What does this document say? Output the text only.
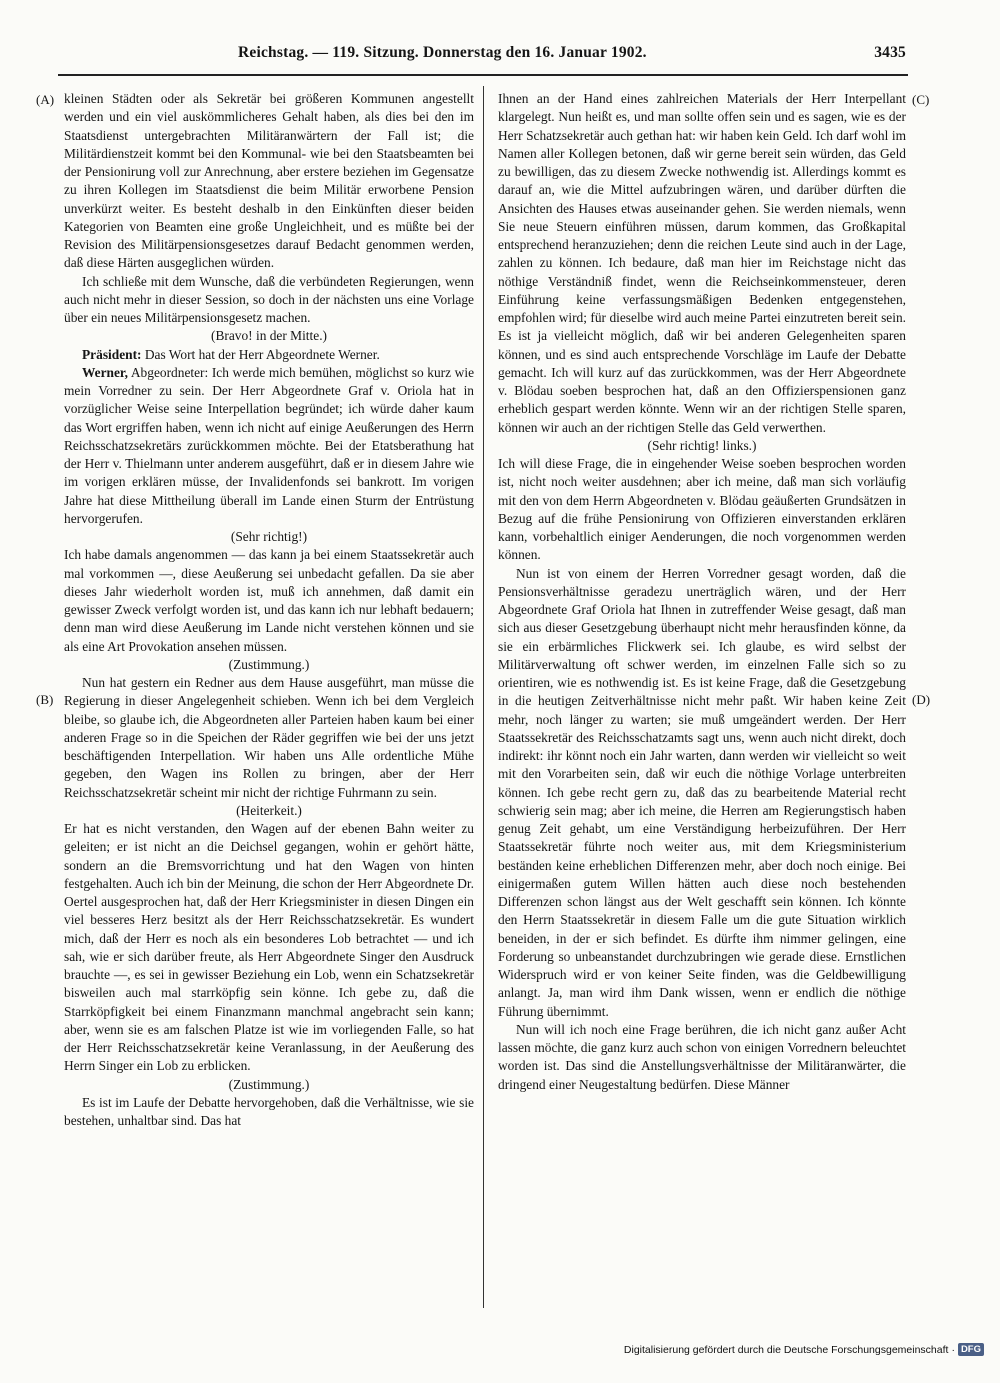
Reichstag. — 119. Sitzung. Donnerstag den 16. Januar 1902.	3435
(A)
(B)
(C)
(D)

kleinen Städten oder als Sekretär bei größeren Kommunen angestellt werden und ein viel auskömmlicheres Gehalt haben, als dies bei den im Staatsdienst untergebrachten Militäranwärtern der Fall ist; die Militärdienstzeit kommt bei den Kommunal- wie bei den Staatsbeamten bei der Pensionirung voll zur Anrechnung, aber erstere beziehen im Gegensatze zu ihren Kollegen im Staatsdienst die beim Militär erworbene Pension unverkürzt weiter. Es besteht deshalb in den Einkünften dieser beiden Kategorien von Beamten eine große Ungleichheit, und es müßte bei der Revision des Militärpensionsgesetzes darauf Bedacht genommen werden, daß diese Härten ausgeglichen würden.

Ich schließe mit dem Wunsche, daß die verbündeten Regierungen, wenn auch nicht mehr in dieser Session, so doch in der nächsten uns eine Vorlage über ein neues Militärpensionsgesetz machen.

(Bravo! in der Mitte.)

Präsident: Das Wort hat der Herr Abgeordnete Werner.

Werner, Abgeordneter: Ich werde mich bemühen, möglichst so kurz wie mein Vorredner zu sein. Der Herr Abgeordnete Graf v. Oriola hat in vorzüglicher Weise seine Interpellation begründet; ich würde daher kaum das Wort ergriffen haben, wenn ich nicht auf einige Aeußerungen des Herrn Reichsschatzsekretärs zurückkommen möchte. Bei der Etatsberathung hat der Herr v. Thielmann unter anderem ausgeführt, daß er in diesem Jahre wie im vorigen erklären müsse, der Invalidenfonds sei bankrott. Im vorigen Jahre hat diese Mittheilung überall im Lande einen Sturm der Entrüstung hervorgerufen.

(Sehr richtig!)

Ich habe damals angenommen — das kann ja bei einem Staatssekretär auch mal vorkommen —, diese Aeußerung sei unbedacht gefallen. Da sie aber dieses Jahr wiederholt worden ist, muß ich annehmen, daß damit ein gewisser Zweck verfolgt worden ist, und das kann ich nur lebhaft bedauern; denn man wird diese Aeußerung im Lande nicht verstehen können und sie als eine Art Provokation ansehen müssen.

(Zustimmung.)

Nun hat gestern ein Redner aus dem Hause ausgeführt, man müsse die Regierung in dieser Angelegenheit schieben. Wenn ich bei dem Vergleich bleibe, so glaube ich, die Abgeordneten aller Parteien haben kaum bei einer anderen Frage so in die Speichen der Räder gegriffen wie bei der uns jetzt beschäftigenden Interpellation. Wir haben uns Alle ordentliche Mühe gegeben, den Wagen ins Rollen zu bringen, aber der Herr Reichsschatzsekretär scheint mir nicht der richtige Fuhrmann zu sein.

(Heiterkeit.)

Er hat es nicht verstanden, den Wagen auf der ebenen Bahn weiter zu geleiten; er ist nicht an die Deichsel gegangen, wohin er gehört hätte, sondern an die Bremsvorrichtung und hat den Wagen von hinten festgehalten. Auch ich bin der Meinung, die schon der Herr Abgeordnete Dr. Oertel ausgesprochen hat, daß der Herr Kriegsminister in diesen Dingen ein viel besseres Herz besitzt als der Herr Reichsschatzsekretär. Es wundert mich, daß der Herr es noch als ein besonderes Lob betrachtet — und ich sah, wie er sich darüber freute, als Herr Abgeordnete Singer den Ausdruck brauchte —, es sei in gewisser Beziehung ein Lob, wenn ein Schatzsekretär bisweilen auch mal starrköpfig sein könne. Ich gebe zu, daß die Starrköpfigkeit bei einem Finanzmann manchmal angebracht sein kann; aber, wenn sie es am falschen Platze ist wie im vorliegenden Falle, so hat der Herr Reichsschatzsekretär keine Veranlassung, in der Aeußerung des Herrn Singer ein Lob zu erblicken.

(Zustimmung.)

Es ist im Laufe der Debatte hervorgehoben, daß die Verhältnisse, wie sie bestehen, unhaltbar sind. Das hat

Ihnen an der Hand eines zahlreichen Materials der Herr Interpellant klargelegt. Nun heißt es, und man sollte offen sein und es sagen, wie es der Herr Schatzsekretär auch gethan hat: wir haben kein Geld. Ich darf wohl im Namen aller Kollegen betonen, daß wir gerne bereit sein würden, das Geld zu bewilligen, das zu diesem Zwecke nothwendig ist. Allerdings kommt es darauf an, wie die Mittel aufzubringen wären, und darüber dürften die Ansichten des Hauses etwas auseinander gehen. Sie werden niemals, wenn Sie neue Steuern einführen müssen, darum kommen, das Großkapital entsprechend heranzuziehen; denn die reichen Leute sind auch in der Lage, zahlen zu können. Ich bedaure, daß man hier im Reichstage nicht das nöthige Verständniß findet, wenn die Reichseinkommensteuer, deren Einführung keine verfassungsmäßigen Bedenken entgegenstehen, empfohlen wird; für dieselbe wird auch meine Partei einzutreten bereit sein. Es ist ja vielleicht möglich, daß wir bei anderen Gelegenheiten sparen können, und es sind auch entsprechende Vorschläge im Laufe der Debatte gemacht. Ich will kurz auf das zurückkommen, was der Herr Abgeordnete v. Blödau soeben besprochen hat, daß an den Offizierspensionen ganz erheblich gespart werden könnte. Wenn wir an der richtigen Stelle sparen, können wir auch an der richtigen Stelle das Geld verwerthen.

(Sehr richtig! links.)

Ich will diese Frage, die in eingehender Weise soeben besprochen worden ist, nicht noch weiter ausdehnen; aber ich meine, daß man sich vorläufig mit den von dem Herrn Abgeordneten v. Blödau geäußerten Grundsätzen in Bezug auf die frühe Pensionirung von Offizieren einverstanden erklären kann, vorbehaltlich einiger Aenderungen, die noch vorgenommen werden können.

Nun ist von einem der Herren Vorredner gesagt worden, daß die Pensionsverhältnisse geradezu unerträglich wären, und der Herr Abgeordnete Graf Oriola hat Ihnen in zutreffender Weise gesagt, daß man sich aus dieser Gesetzgebung überhaupt nicht mehr herausfinden könne, da sie ein erbärmliches Flickwerk sei. Ich glaube, es wird selbst der Militärverwaltung oft schwer werden, im einzelnen Falle sich so zu orientiren, wie es nothwendig ist. Es ist keine Frage, daß die Gesetzgebung in die heutigen Zeitverhältnisse nicht mehr paßt. Wir haben keine Zeit mehr, noch länger zu warten; sie muß umgeändert werden. Der Herr Staatssekretär des Reichsschatzamts sagt uns, wenn auch nicht direkt, doch indirekt: ihr könnt noch ein Jahr warten, dann werden wir vielleicht so weit mit den Vorarbeiten sein, daß wir euch die nöthige Vorlage unterbreiten können. Ich gebe recht gern zu, daß das zu bearbeitende Material recht schwierig sein mag; aber ich meine, die Herren am Regierungstisch haben genug Zeit gehabt, um eine Verständigung herbeizuführen. Der Herr Staatssekretär führte noch weiter aus, mit dem Kriegsministerium beständen keine erheblichen Differenzen mehr, aber doch noch einige. Bei einigermaßen gutem Willen hätten auch diese noch bestehenden Differenzen schon längst aus der Welt geschafft sein können. Ich könnte den Herrn Staatssekretär in diesem Falle um die gute Situation wirklich beneiden, in der er sich befindet. Es dürfte ihm nimmer gelingen, eine Forderung so unbeanstandet durchzubringen wie gerade diese. Ernstlichen Widerspruch wird er von keiner Seite finden, was die Geldbewilligung anlangt. Ja, man wird ihm Dank wissen, wenn er endlich die nöthige Führung übernimmt.

Nun will ich noch eine Frage berühren, die ich nicht ganz außer Acht lassen möchte, die ganz kurz auch schon von einigen Vorrednern beleuchtet worden ist. Das sind die Anstellungsverhältnisse der Militäranwärter, die dringend einer Neugestaltung bedürfen. Diese Männer

Digitalisierung gefördert durch die Deutsche Forschungsgemeinschaft · DFG
